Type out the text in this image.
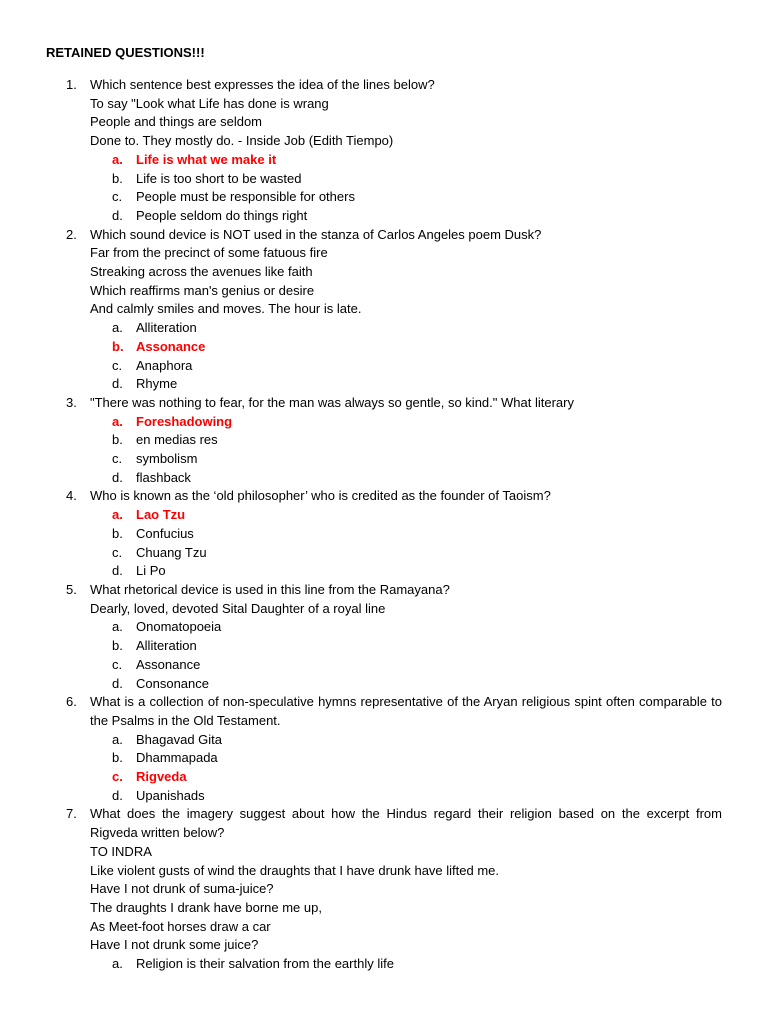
RETAINED QUESTIONS!!!
1. Which sentence best expresses the idea of the lines below?
To say "Look what Life has done is wrang
People and things are seldom
Done to. They mostly do. - Inside Job (Edith Tiempo)
a. Life is what we make it
b. Life is too short to be wasted
c. People must be responsible for others
d. People seldom do things right
2. Which sound device is NOT used in the stanza of Carlos Angeles poem Dusk?
Far from the precinct of some fatuous fire
Streaking across the avenues like faith
Which reaffirms man's genius or desire
And calmly smiles and moves. The hour is late.
a. Alliteration
b. Assonance
c. Anaphora
d. Rhyme
3. "There was nothing to fear, for the man was always so gentle, so kind." What literary
a. Foreshadowing
b. en medias res
c. symbolism
d. flashback
4. Who is known as the ‘old philosopher’ who is credited as the founder of Taoism?
a. Lao Tzu
b. Confucius
c. Chuang Tzu
d. Li Po
5. What rhetorical device is used in this line from the Ramayana?
Dearly, loved, devoted Sital Daughter of a royal line
a. Onomatopoeia
b. Alliteration
c. Assonance
d. Consonance
6. What is a collection of non-speculative hymns representative of the Aryan religious spint often comparable to the Psalms in the Old Testament.
a. Bhagavad Gita
b. Dhammapada
c. Rigveda
d. Upanishads
7. What does the imagery suggest about how the Hindus regard their religion based on the excerpt from Rigveda written below?
TO INDRA
Like violent gusts of wind the draughts that I have drunk have lifted me.
Have I not drunk of suma-juice?
The draughts I drank have borne me up,
As Meet-foot horses draw a car
Have I not drunk some juice?
a. Religion is their salvation from the earthly life
